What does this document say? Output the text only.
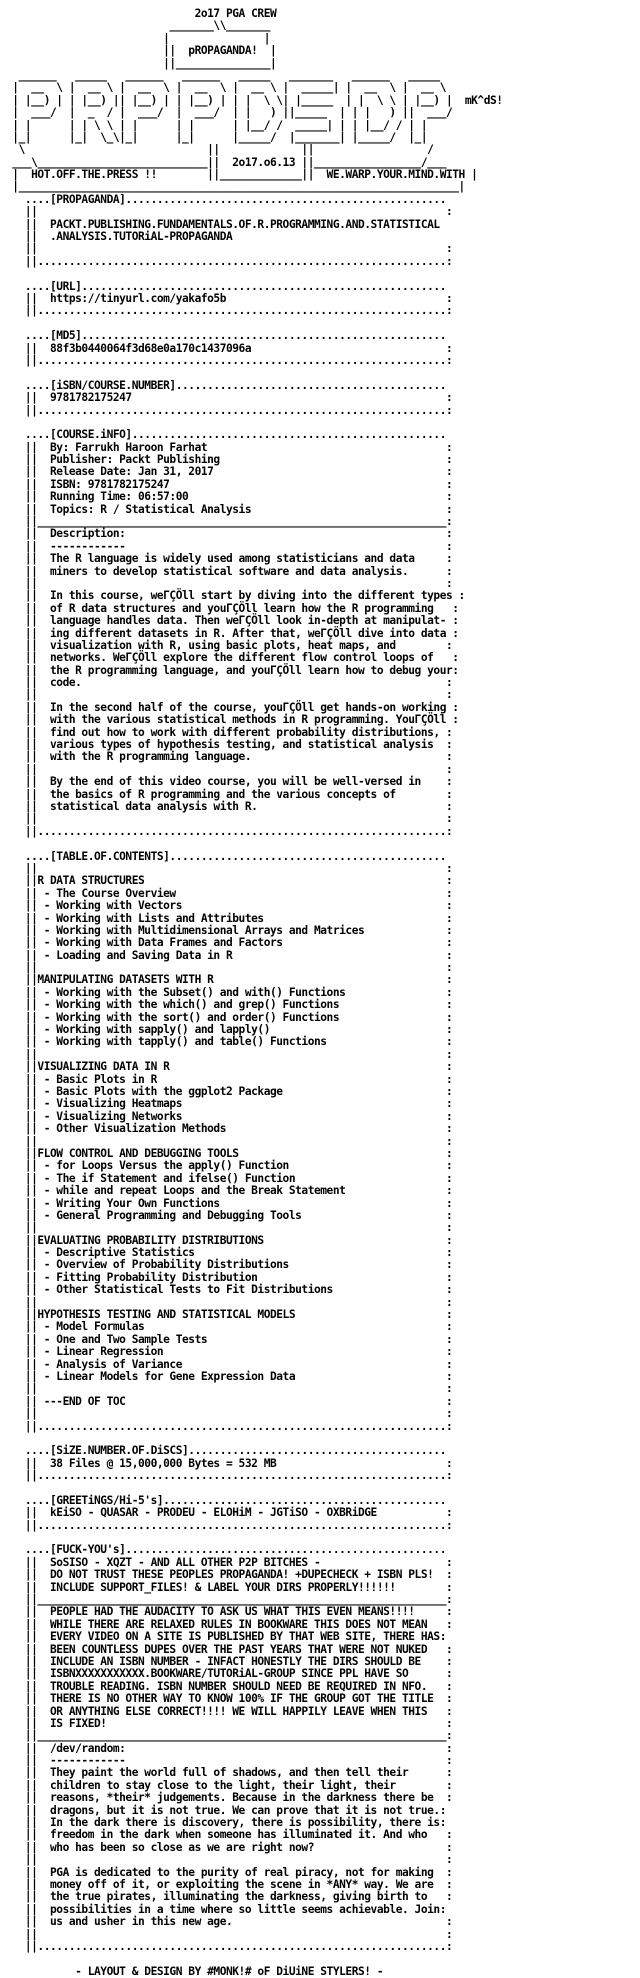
2o17 PGA CREW
_______\\_______
|               |
||  pROPAGANDA!  |
||_______________|
______   _____   ______   ______   _____   _______   ______   _____
|  __  \ |  __ \ |  __  \ |  __  \ |  __ \ |  _____| |  __  \ |  __ \
| |__) | | |__) || |__) | | |__) | | |  \ \| |_____  | |  \ \ | |__) |  mK^dS!
|  ___/  |  _  / |  ___/  |  ___/  | |   ) ||_____  | | |   ) ||  ___/
| |      | | \ \ | |      | |      | |__/ /  _____| | | |__/ / | |
|_|      |_|  \_\|_|      |_|      |_____/  |_______| |_____/  |_|
\                             ||             ||                  /
___\___________________________||  2o17.o6.13 ||_________________/___
|  HOT.OFF.THE.PRESS !!        ||_____________||  WE.WARP.YOUR.MIND.WITH |
|______________________________________________________________________|
....[PROPAGANDA]...................................................
||                                                                 :
||  PACKT.PUBLISHING.FUNDAMENTALS.OF.R.PROGRAMMING.AND.STATISTICAL
||  .ANALYSIS.TUTORiAL-PROPAGANDA
||                                                                 :
||.................................................................:

....[URL]..........................................................
||  https://tinyurl.com/yakafo5b                                   :
||.................................................................:

....[MD5]..........................................................
||  88f3b0440064f3d68e0a170c1437096a                               :
||.................................................................:

....[iSBN/COURSE.NUMBER]...........................................
||  9781782175247                                                  :
||.................................................................:

....[COURSE.iNFO]..................................................
||  By: Farrukh Haroon Farhat                                      :
||  Publisher: Packt Publishing                                    :
||  Release Date: Jan 31, 2017                                     :
||  ISBN: 9781782175247                                            :
||  Running Time: 06:57:00                                         :
||  Topics: R / Statistical Analysis                               :
||_________________________________________________________________:
||  Description:                                                   :
||  ------------                                                   :
||  The R language is widely used among statisticians and data     :
||  miners to develop statistical software and data analysis.      :
||                                                                 :
||  In this course, weΓÇÖll start by diving into the different types :
||  of R data structures and youΓÇÖll learn how the R programming   :
||  language handles data. Then weΓÇÖll look in-depth at manipulat- :
||  ing different datasets in R. After that, weΓÇÖll dive into data :
||  visualization with R, using basic plots, heat maps, and        :
||  networks. WeΓÇÖll explore the different flow control loops of   :
||  the R programming language, and youΓÇÖll learn how to debug your:
||  code.                                                          :
||                                                                 :
||  In the second half of the course, youΓÇÖll get hands-on working :
||  with the various statistical methods in R programming. YouΓÇÖll :
||  find out how to work with different probability distributions, :
||  various types of hypothesis testing, and statistical analysis  :
||  with the R programming language.                               :
||                                                                 :
||  By the end of this video course, you will be well-versed in    :
||  the basics of R programming and the various concepts of        :
||  statistical data analysis with R.                              :
||                                                                 :
||.................................................................:

....[TABLE.OF.CONTENTS]............................................
||                                                                 :
||R DATA STRUCTURES                                                :
|| - The Course Overview                                           :
|| - Working with Vectors                                          :
|| - Working with Lists and Attributes                             :
|| - Working with Multidimensional Arrays and Matrices             :
|| - Working with Data Frames and Factors                          :
|| - Loading and Saving Data in R                                  :
||                                                                 :
||MANIPULATING DATASETS WITH R                                     :
|| - Working with the Subset() and with() Functions                :
|| - Working with the which() and grep() Functions                 :
|| - Working with the sort() and order() Functions                 :
|| - Working with sapply() and lapply()                            :
|| - Working with tapply() and table() Functions                   :
||                                                                 :
||VISUALIZING DATA IN R                                            :
|| - Basic Plots in R                                              :
|| - Basic Plots with the ggplot2 Package                          :
|| - Visualizing Heatmaps                                          :
|| - Visualizing Networks                                          :
|| - Other Visualization Methods                                   :
||                                                                 :
||FLOW CONTROL AND DEBUGGING TOOLS                                 :
|| - for Loops Versus the apply() Function                         :
|| - The if Statement and ifelse() Function                        :
|| - while and repeat Loops and the Break Statement                :
|| - Writing Your Own Functions                                    :
|| - General Programming and Debugging Tools                       :
||                                                                 :
||EVALUATING PROBABILITY DISTRIBUTIONS                             :
|| - Descriptive Statistics                                        :
|| - Overview of Probability Distributions                         :
|| - Fitting Probability Distribution                              :
|| - Other Statistical Tests to Fit Distributions                  :
||                                                                 :
||HYPOTHESIS TESTING AND STATISTICAL MODELS                        :
|| - Model Formulas                                                :
|| - One and Two Sample Tests                                      :
|| - Linear Regression                                             :
|| - Analysis of Variance                                          :
|| - Linear Models for Gene Expression Data                        :
||                                                                 :
|| ---END OF TOC                                                   :
||                                                                 :
||.................................................................:

....[SiZE.NUMBER.OF.DiSCS].........................................
||  38 Files @ 15,000,000 Bytes = 532 MB                           :
||.................................................................:

....[GREETiNGS/Hi-5's].............................................
||  kEiSO - QUASAR - PRODEU - ELOHiM - JGTiSO - OXBRiDGE           :
||.................................................................:

....[FUCK-YOU's]...................................................
||  SoSISO - XQZT - AND ALL OTHER P2P BITCHES -                    :
||  DO NOT TRUST THESE PEOPLES PROPAGANDA! +DUPECHECK + ISBN PLS!  :
||  INCLUDE SUPPORT_FILES! & LABEL YOUR DIRS PROPERLY!!!!!!        :
||_________________________________________________________________:
||  PEOPLE HAD THE AUDACITY TO ASK US WHAT THIS EVEN MEANS!!!!     :
||  WHILE THERE ARE RELAXED RULES IN BOOKWARE THIS DOES NOT MEAN   :
||  EVERY VIDEO ON A SITE IS PUBLISHED BY THAT WEB SITE, THERE HAS:
||  BEEN COUNTLESS DUPES OVER THE PAST YEARS THAT WERE NOT NUKED   :
||  INCLUDE AN ISBN NUMBER - INFACT HONESTLY THE DIRS SHOULD BE    :
||  ISBNXXXXXXXXXXX.BOOKWARE/TUTORiAL-GROUP SINCE PPL HAVE SO      :
||  TROUBLE READING. ISBN NUMBER SHOULD NEED BE REQUIRED IN NFO.   :
||  THERE IS NO OTHER WAY TO KNOW 100% IF THE GROUP GOT THE TITLE  :
||  OR ANYTHING ELSE CORRECT!!!! WE WILL HAPPILY LEAVE WHEN THIS   :
||  IS FIXED!                                                      :
||_________________________________________________________________:
||  /dev/random:                                                   :
||  ------------                                                   :
||  They paint the world full of shadows, and then tell their      :
||  children to stay close to the light, their light, their        :
||  reasons, *their* judgements. Because in the darkness there be  :
||  dragons, but it is not true. We can prove that it is not true.:
||  In the dark there is discovery, there is possibility, there is:
||  freedom in the dark when someone has illuminated it. And who   :
||  who has been so close as we are right now?                     :
||                                                                 :
||  PGA is dedicated to the purity of real piracy, not for making  :
||  money off of it, or exploiting the scene in *ANY* way. We are  :
||  the true pirates, illuminating the darkness, giving birth to   :
||  possibilities in a time where so little seems achievable. Join:
||  us and usher in this new age.                                  :
||                                                                 :
||.................................................................:

- LAYOUT & DESIGN BY #MONK!# oF DiUiNE STYLERS! -
